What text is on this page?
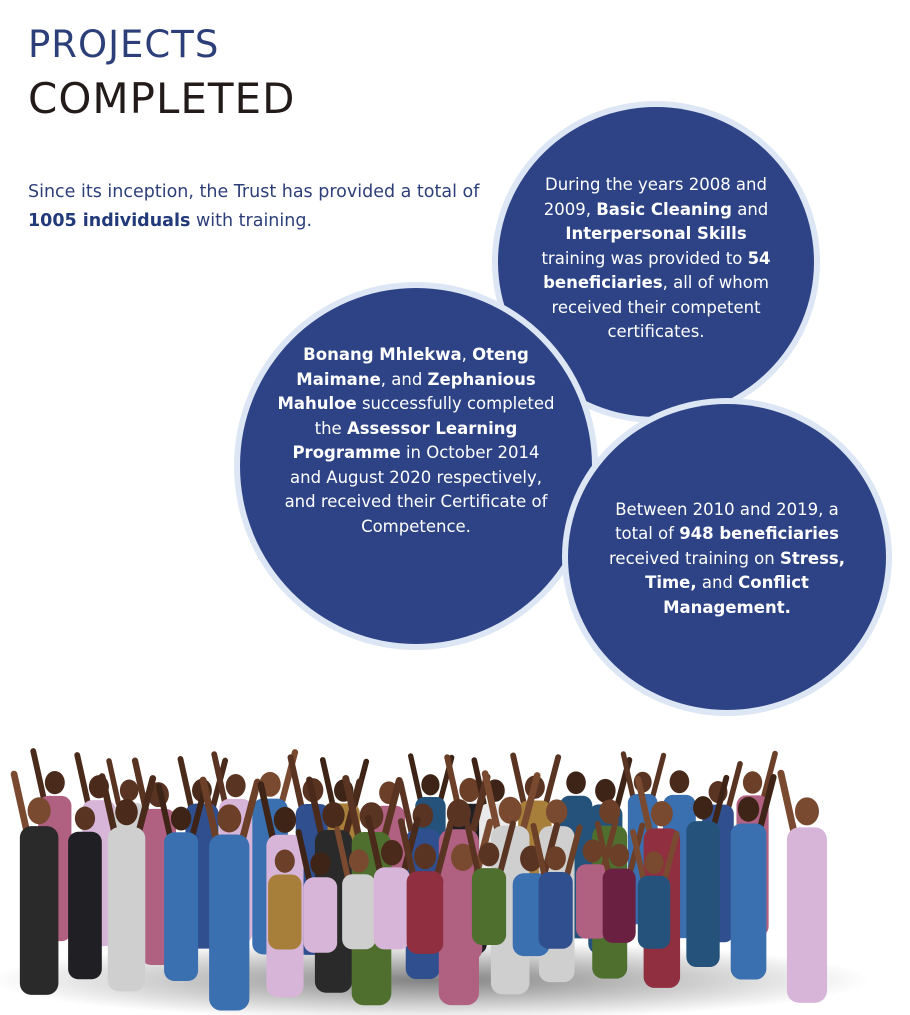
PROJECTS
COMPLETED

Since its inception, the Trust has provided a total of 1005 individuals with training.

During the years 2008 and 2009, Basic Cleaning and Interpersonal Skills training was provided to 54 beneficiaries, all of whom received their competent certificates.

Bonang Mhlekwa, Oteng Maimane, and Zephanious Mahuloe successfully completed the Assessor Learning Programme in October 2014 and August 2020 respectively, and received their Certificate of Competence.

Between 2010 and 2019, a total of 948 beneficiaries received training on Stress, Time, and Conflict Management.
